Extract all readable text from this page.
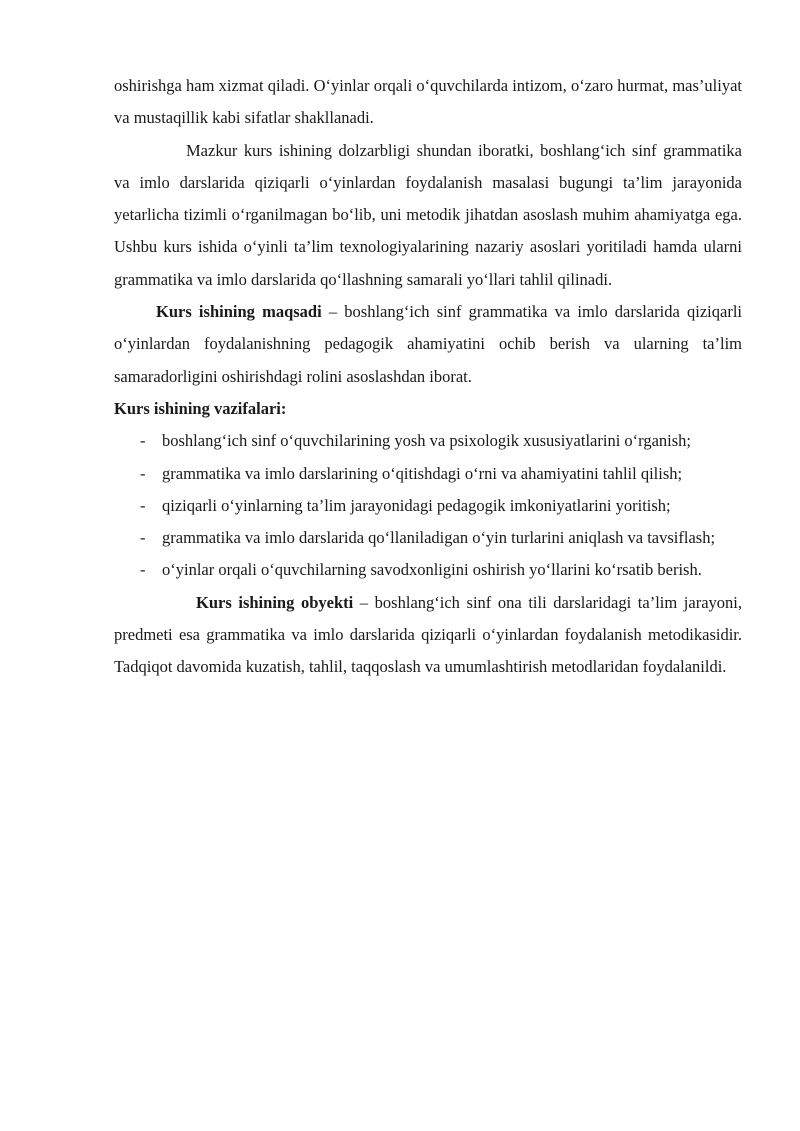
oshirishga ham xizmat qiladi. O‘yinlar orqali o‘quvchilarda intizom, o‘zaro hurmat, mas’uliyat va mustaqillik kabi sifatlar shakllanadi.

Mazkur kurs ishining dolzarbligi shundan iboratki, boshlang‘ich sinf grammatika va imlo darslarida qiziqarli o‘yinlardan foydalanish masalasi bugungi ta’lim jarayonida yetarlicha tizimli o‘rganilmagan bo‘lib, uni metodik jihatdan asoslash muhim ahamiyatga ega. Ushbu kurs ishida o‘yinli ta’lim texnologiyalarining nazariy asoslari yoritiladi hamda ularni grammatika va imlo darslarida qo‘llashning samarali yo‘llari tahlil qilinadi.

Kurs ishining maqsadi – boshlang‘ich sinf grammatika va imlo darslarida qiziqarli o‘yinlardan foydalanishning pedagogik ahamiyatini ochib berish va ularning ta’lim samaradorligini oshirishdagi rolini asoslashdan iborat.

Kurs ishining vazifalari:

- boshlang‘ich sinf o‘quvchilarining yosh va psixologik xususiyatlarini o‘rganish;
- grammatika va imlo darslarining o‘qitishdagi o‘rni va ahamiyatini tahlil qilish;
- qiziqarli o‘yinlarning ta’lim jarayonidagi pedagogik imkoniyatlarini yoritish;
- grammatika va imlo darslarida qo‘llaniladigan o‘yin turlarini aniqlash va tavsiflash;
- o‘yinlar orqali o‘quvchilarning savodxonligini oshirish yo‘llarini ko‘rsatib berish.

Kurs ishining obyekti – boshlang‘ich sinf ona tili darslaridagi ta’lim jarayoni, predmeti esa grammatika va imlo darslarida qiziqarli o‘yinlardan foydalanish metodikasidir. Tadqiqot davomida kuzatish, tahlil, taqqoslash va umumlashtirish metodlaridan foydalanildi.
